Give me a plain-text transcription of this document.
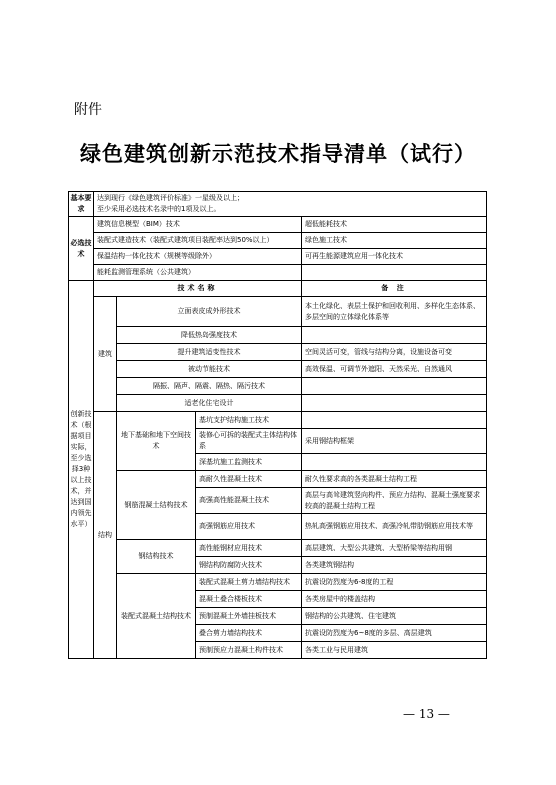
附件
绿色建筑创新示范技术指导清单（试行）
基本要求	达到现行《绿色建筑评价标准》一星级及以上；
至少采用必选技术名录中的1项及以上。			

必选技术	建筑信息模型（BIM）技术			超低能耗技术
	装配式建造技术（装配式建筑项目装配率达到50%以上）			绿色施工技术
	保温结构一体化技术（规模等级除外）			可再生能源建筑应用一体化技术
	能耗监测管理系统（公共建筑）			
创新技术（根据项目实际，至少选择3种以上技术，并达到国内领先水平）	技术名称			备 注
	建筑	立面表皮成外形技术		本土化绿化、表层土保护和回收利用、多样化生态体系、多层空间的立体绿化体系等
		降低热岛强度技术		
		提升建筑适变性技术		空间灵活可变，管线与结构分离，设施设备可变
		被动节能技术		高效保温、可调节外遮阳、天然采光、自然通风
		隔振、隔声、隔震、隔热、隔污技术		
		适老化住宅设计		
	结构	地下基础和地下空间技术	基坑支护结构施工技术	
			装修心可拆的装配式主体结构体系	采用钢结构框架
			深基坑施工监测技术	
		钢筋混凝土结构技术	高耐久性混凝土技术	耐久性要求高的各类混凝土结构工程
			高强高性能混凝土技术	高层与高耸建筑竖向构件、预应力结构、混凝土强度要求较高的混凝土结构工程
			高强钢筋应用技术	热轧高强钢筋应用技术、高强冷轧带肋钢筋应用技术等
		钢结构技术	高性能钢材应用技术	高层建筑、大型公共建筑、大型桥梁等结构用钢
			钢结构防腐防火技术	各类建筑钢结构
		装配式混凝土结构技术	装配式混凝土剪力墙结构技术	抗震设防烈度为6-8度的工程
			混凝土叠合楼板技术	各类房屋中的楼盖结构
			预制混凝土外墙挂板技术	钢结构的公共建筑、住宅建筑
			叠合剪力墙结构技术	抗震设防烈度为6~8度的多层、高层建筑
			预制预应力混凝土构件技术	各类工业与民用建筑
— 13 —
